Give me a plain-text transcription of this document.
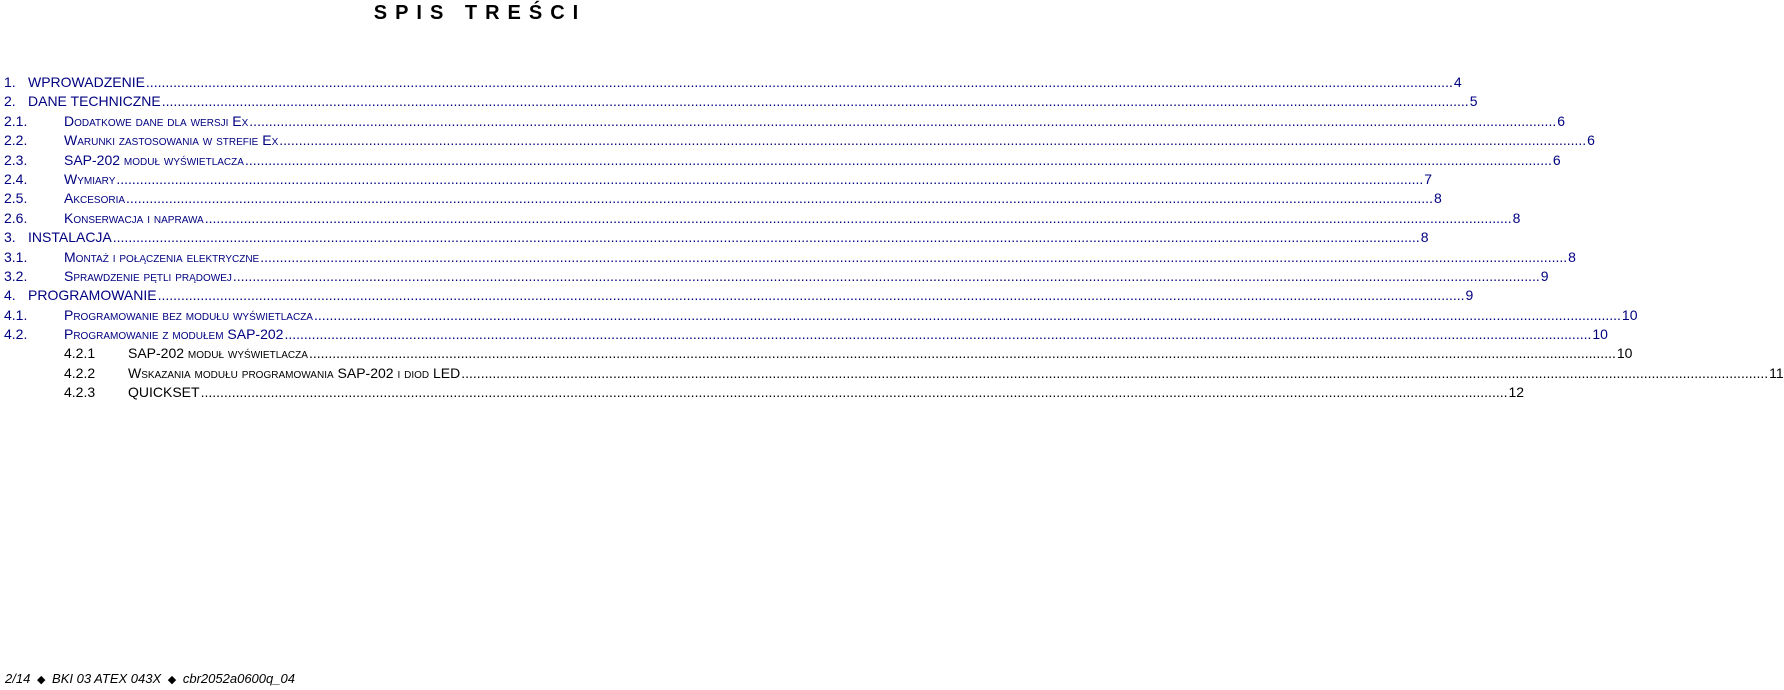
SPIS TREŚCI
1. WPROWADZENIE .....	4
2. DANE TECHNICZNE .....	5
2.1.	Dodatkowe dane dla wersji Ex .....	6
2.2.	Warunki zastosowania w strefie Ex .....	6
2.3.	SAP-202 moduł wyświetlacza .....	6
2.4.	Wymiary .....	7
2.5.	Akcesoria .....	8
2.6.	Konserwacja i naprawa .....	8
3. INSTALACJA .....	8
3.1.	Montaż i połączenia elektryczne .....	8
3.2.	Sprawdzenie pętli prądowej .....	9
4. PROGRAMOWANIE .....	9
4.1.	Programowanie bez modułu wyświetlacza .....	10
4.2.	Programowanie z modułem SAP-202 .....	10
4.2.1	SAP-202 moduł wyświetlacza .....	10
4.2.2	Wskazania modułu programowania SAP-202 i diod LED .....	11
4.2.3	QUICKSET .....	12
2/14 ◆ BKI 03 ATEX 043X ◆ cbr2052a0600q_04
